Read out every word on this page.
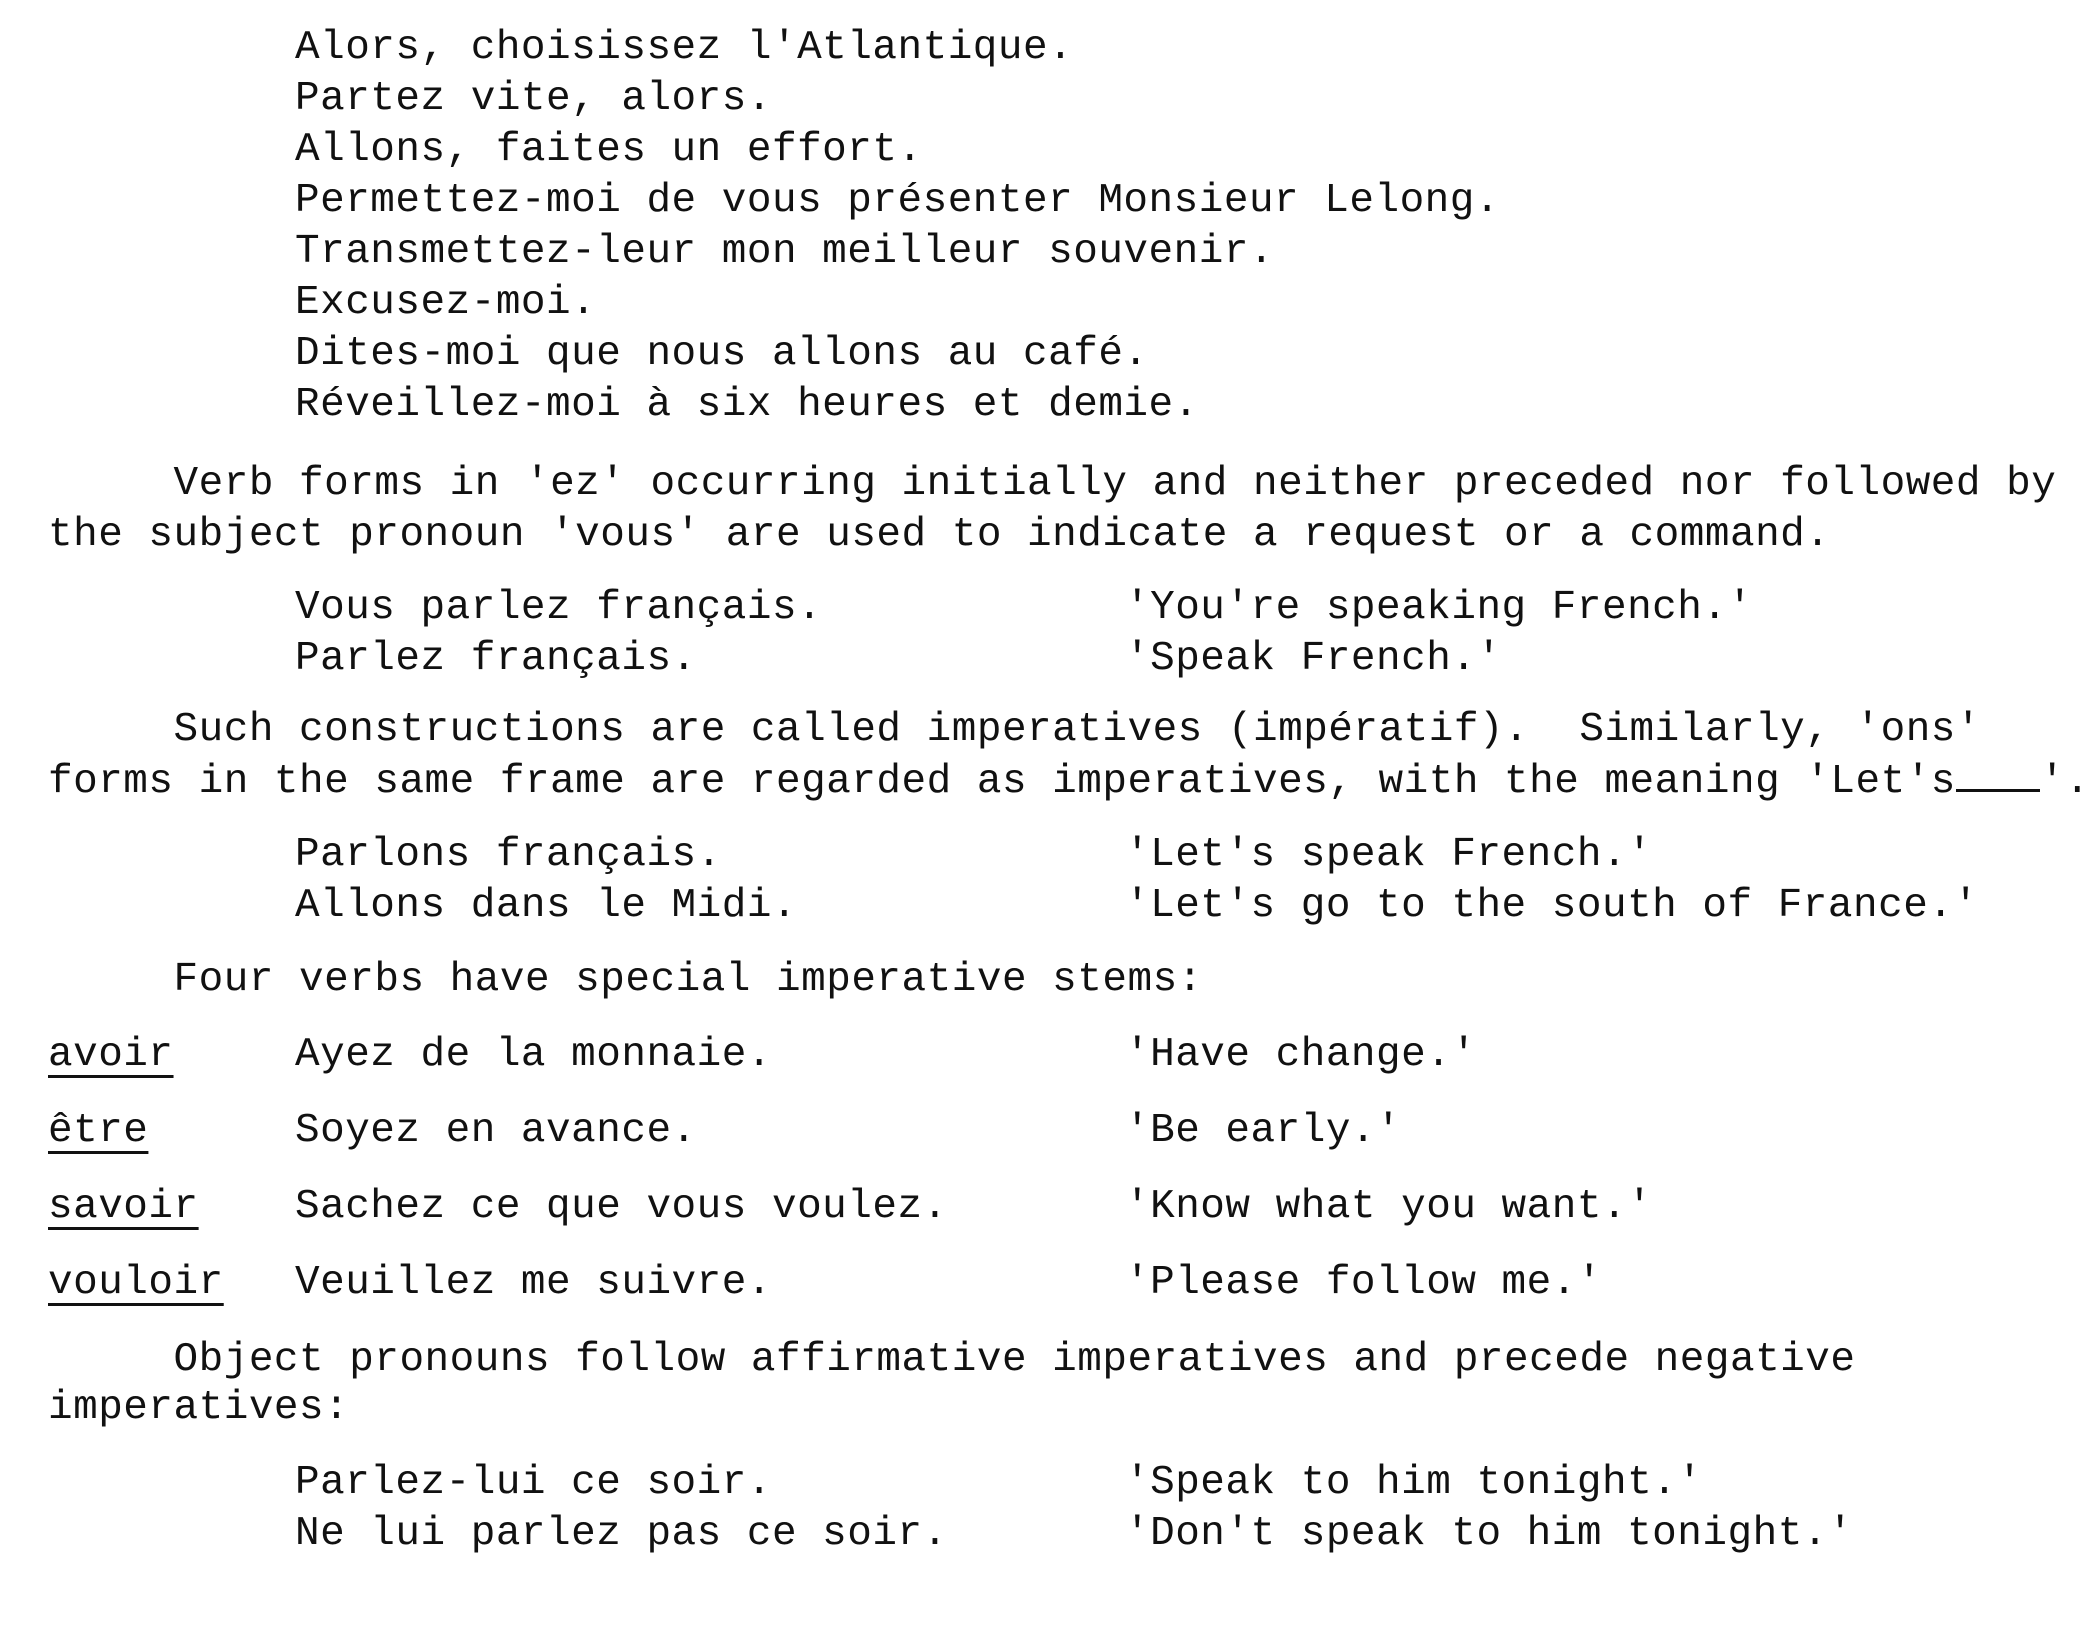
Alors, choisissez l'Atlantique.
Partez vite, alors.
Allons, faites un effort.
Permettez-moi de vous présenter Monsieur Lelong.
Transmettez-leur mon meilleur souvenir.
Excusez-moi.
Dites-moi que nous allons au café.
Réveillez-moi à six heures et demie.
Verb forms in 'ez' occurring initially and neither preceded nor followed by
the subject pronoun 'vous' are used to indicate a request or a command.
Vous parlez français.	'You're speaking French.'
Parlez français.	'Speak French.'
Such constructions are called imperatives (impératif).  Similarly, 'ons'
forms in the same frame are regarded as imperatives, with the meaning 'Let's '.
Parlons français.	'Let's speak French.'
Allons dans le Midi.	'Let's go to the south of France.'
Four verbs have special imperative stems:
avoir	Ayez de la monnaie.	'Have change.'
être	Soyez en avance.	'Be early.'
savoir Sachez ce que vous voulez.	'Know what you want.'
vouloir Veuillez me suivre.	'Please follow me.'
Object pronouns follow affirmative imperatives and precede negative
imperatives:
Parlez-lui ce soir.	'Speak to him tonight.'
Ne lui parlez pas ce soir.	'Don't speak to him tonight.'
